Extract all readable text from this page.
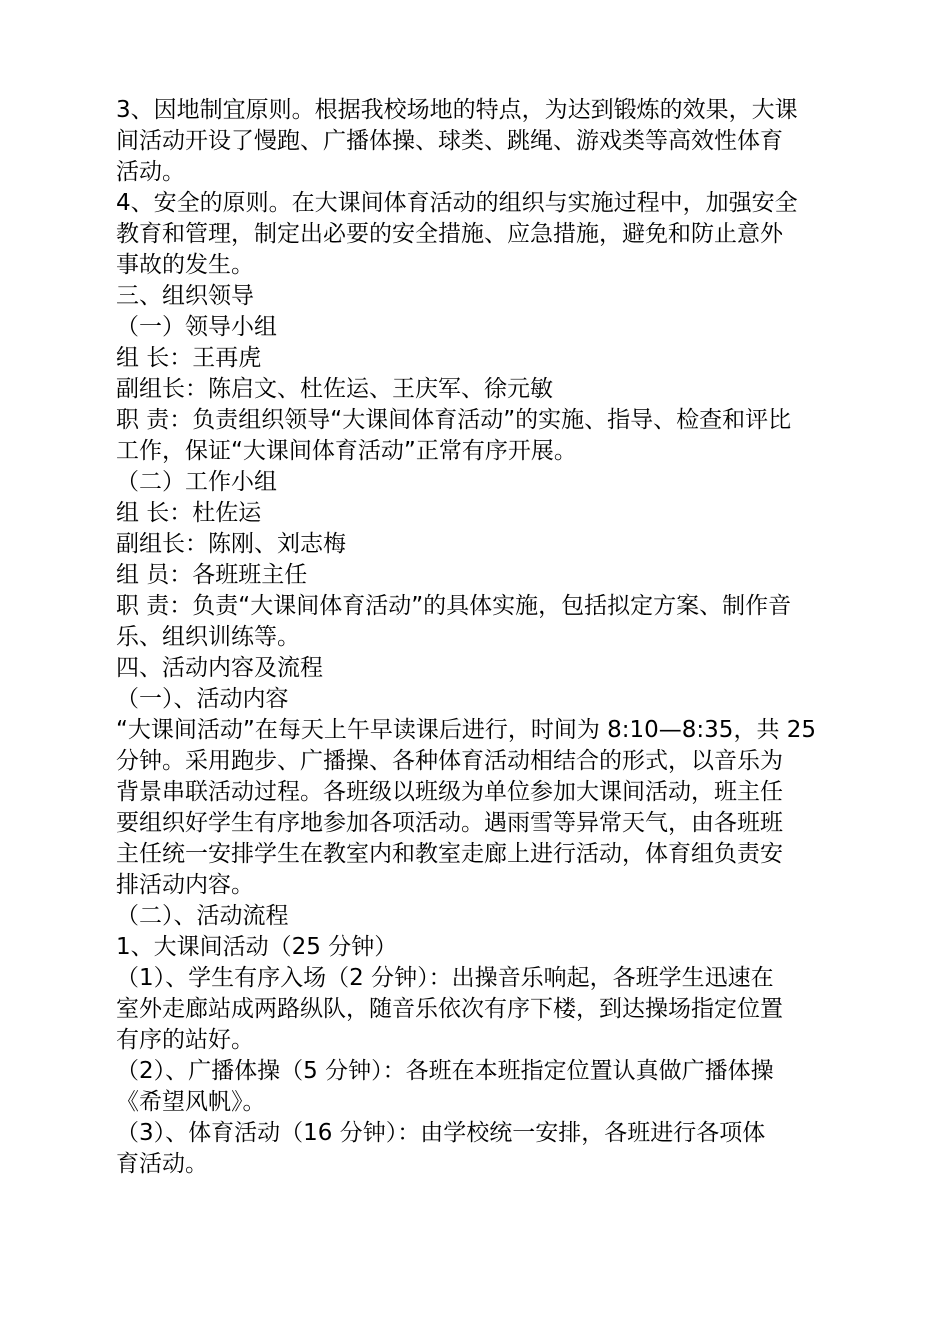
3、因地制宜原则。根据我校场地的特点，为达到锻炼的效果，大课
间活动开设了慢跑、广播体操、球类、跳绳、游戏类等高效性体育
活动。
4、安全的原则。在大课间体育活动的组织与实施过程中，加强安全
教育和管理，制定出必要的安全措施、应急措施，避免和防止意外
事故的发生。
三、组织领导
（一）领导小组
组 长：王再虎
副组长：陈启文、杜佐运、王庆军、徐元敏
职 责：负责组织领导“大课间体育活动”的实施、指导、检查和评比
工作，保证“大课间体育活动”正常有序开展。
（二）工作小组
组 长：杜佐运
副组长：陈刚、刘志梅
组 员：各班班主任
职 责：负责“大课间体育活动”的具体实施，包括拟定方案、制作音
乐、组织训练等。
四、活动内容及流程
（一）、活动内容
“大课间活动”在每天上午早读课后进行，时间为 8:10—8:35，共 25
分钟。采用跑步、广播操、各种体育活动相结合的形式，以音乐为
背景串联活动过程。各班级以班级为单位参加大课间活动，班主任
要组织好学生有序地参加各项活动。遇雨雪等异常天气，由各班班
主任统一安排学生在教室内和教室走廊上进行活动，体育组负责安
排活动内容。
（二）、活动流程
1、大课间活动（25 分钟）
（1）、学生有序入场（2 分钟）：出操音乐响起，各班学生迅速在
室外走廊站成两路纵队，随音乐依次有序下楼，到达操场指定位置
有序的站好。
（2）、广播体操（5 分钟）：各班在本班指定位置认真做广播体操
《希望风帆》。
（3）、体育活动（16 分钟）：由学校统一安排，各班进行各项体
育活动。
